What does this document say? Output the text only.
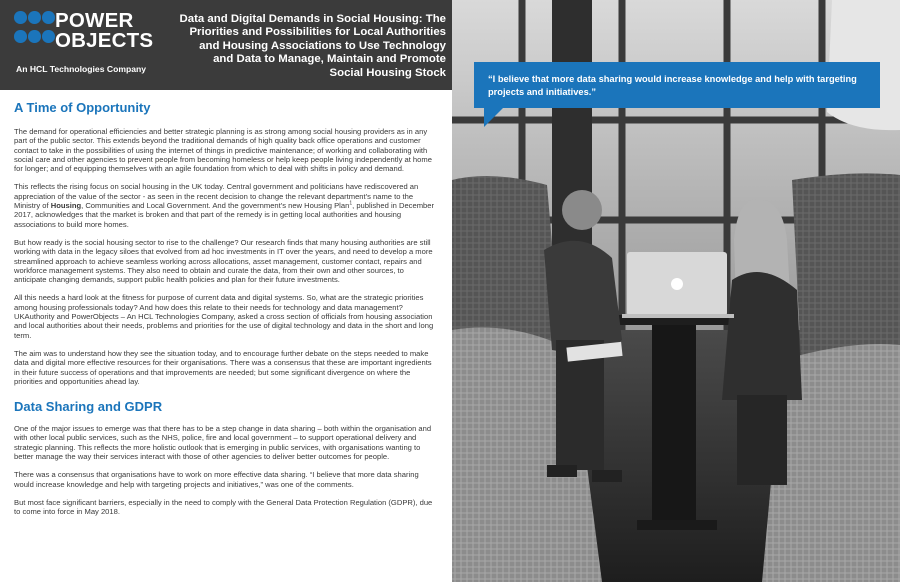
POWER
OBJECTS
An HCL Technologies Company
Data and Digital Demands in Social Housing: The Priorities and Possibilities for Local Authorities and Housing Associations to Use Technology and Data to Manage, Maintain and Promote Social Housing Stock
“I believe that more data sharing would increase knowledge and help with targeting projects and initiatives.”
A Time of Opportunity

The demand for operational efficiencies and better strategic planning is as strong among social housing providers as in any part of the public sector. This extends beyond the traditional demands of high quality back office operations and customer contact to take in the possibilities of using the internet of things in predictive maintenance; of working and collaborating with social care and other agencies to prevent people from becoming homeless or help keep people living independently at home for longer; and of equipping themselves with an agile foundation from which to deal with shifts in policy and demand.

This reflects the rising focus on social housing in the UK today. Central government and politicians have rediscovered an appreciation of the value of the sector - as seen in the recent decision to change the relevant department's name to the Ministry of Housing, Communities and Local Government. And the government's new Housing Plan$^1$, published in December 2017, acknowledges that the market is broken and that part of the remedy is in getting local authorities and housing associations to build more homes.

But how ready is the social housing sector to rise to the challenge? Our research finds that many housing authorities are still working with data in the legacy siloes that evolved from ad hoc investments in IT over the years, and need to develop a more streamlined approach to achieve seamless working across allocations, asset management, customer contact, repairs and workforce management systems. They also need to obtain and curate the data, from their own and other sources, to anticipate changing demands, support public health policies and plan for their future investments.

All this needs a hard look at the fitness for purpose of current data and digital systems. So, what are the strategic priorities among housing professionals today? And how does this relate to their needs for technology and data management? UKAuthority and PowerObjects – An HCL Technologies Company, asked a cross section of officials from housing association and local authorities about their needs, problems and priorities for the use of digital technology and data in the short and long term.

The aim was to understand how they see the situation today, and to encourage further debate on the steps needed to make data and digital more effective resources for their organisations. There was a consensus that these are important ingredients in their future success of operations and that improvements are needed; but some significant divergence on where the priorities and opportunities ahead lay.

Data Sharing and GDPR

One of the major issues to emerge was that there has to be a step change in data sharing – both within the organisation and with other local public services, such as the NHS, police, fire and local government – to support operational delivery and strategic planning. This reflects the more holistic outlook that is emerging in public services, with organisations wanting to better manage the way their services interact with those of other agencies to deliver better outcomes for people.

There was a consensus that organisations have to work on more effective data sharing. “I believe that more data sharing would increase knowledge and help with targeting projects and initiatives,” was one of the comments.

But most face significant barriers, especially in the need to comply with the General Data Protection Regulation (GDPR), due to come into force in May 2018.
